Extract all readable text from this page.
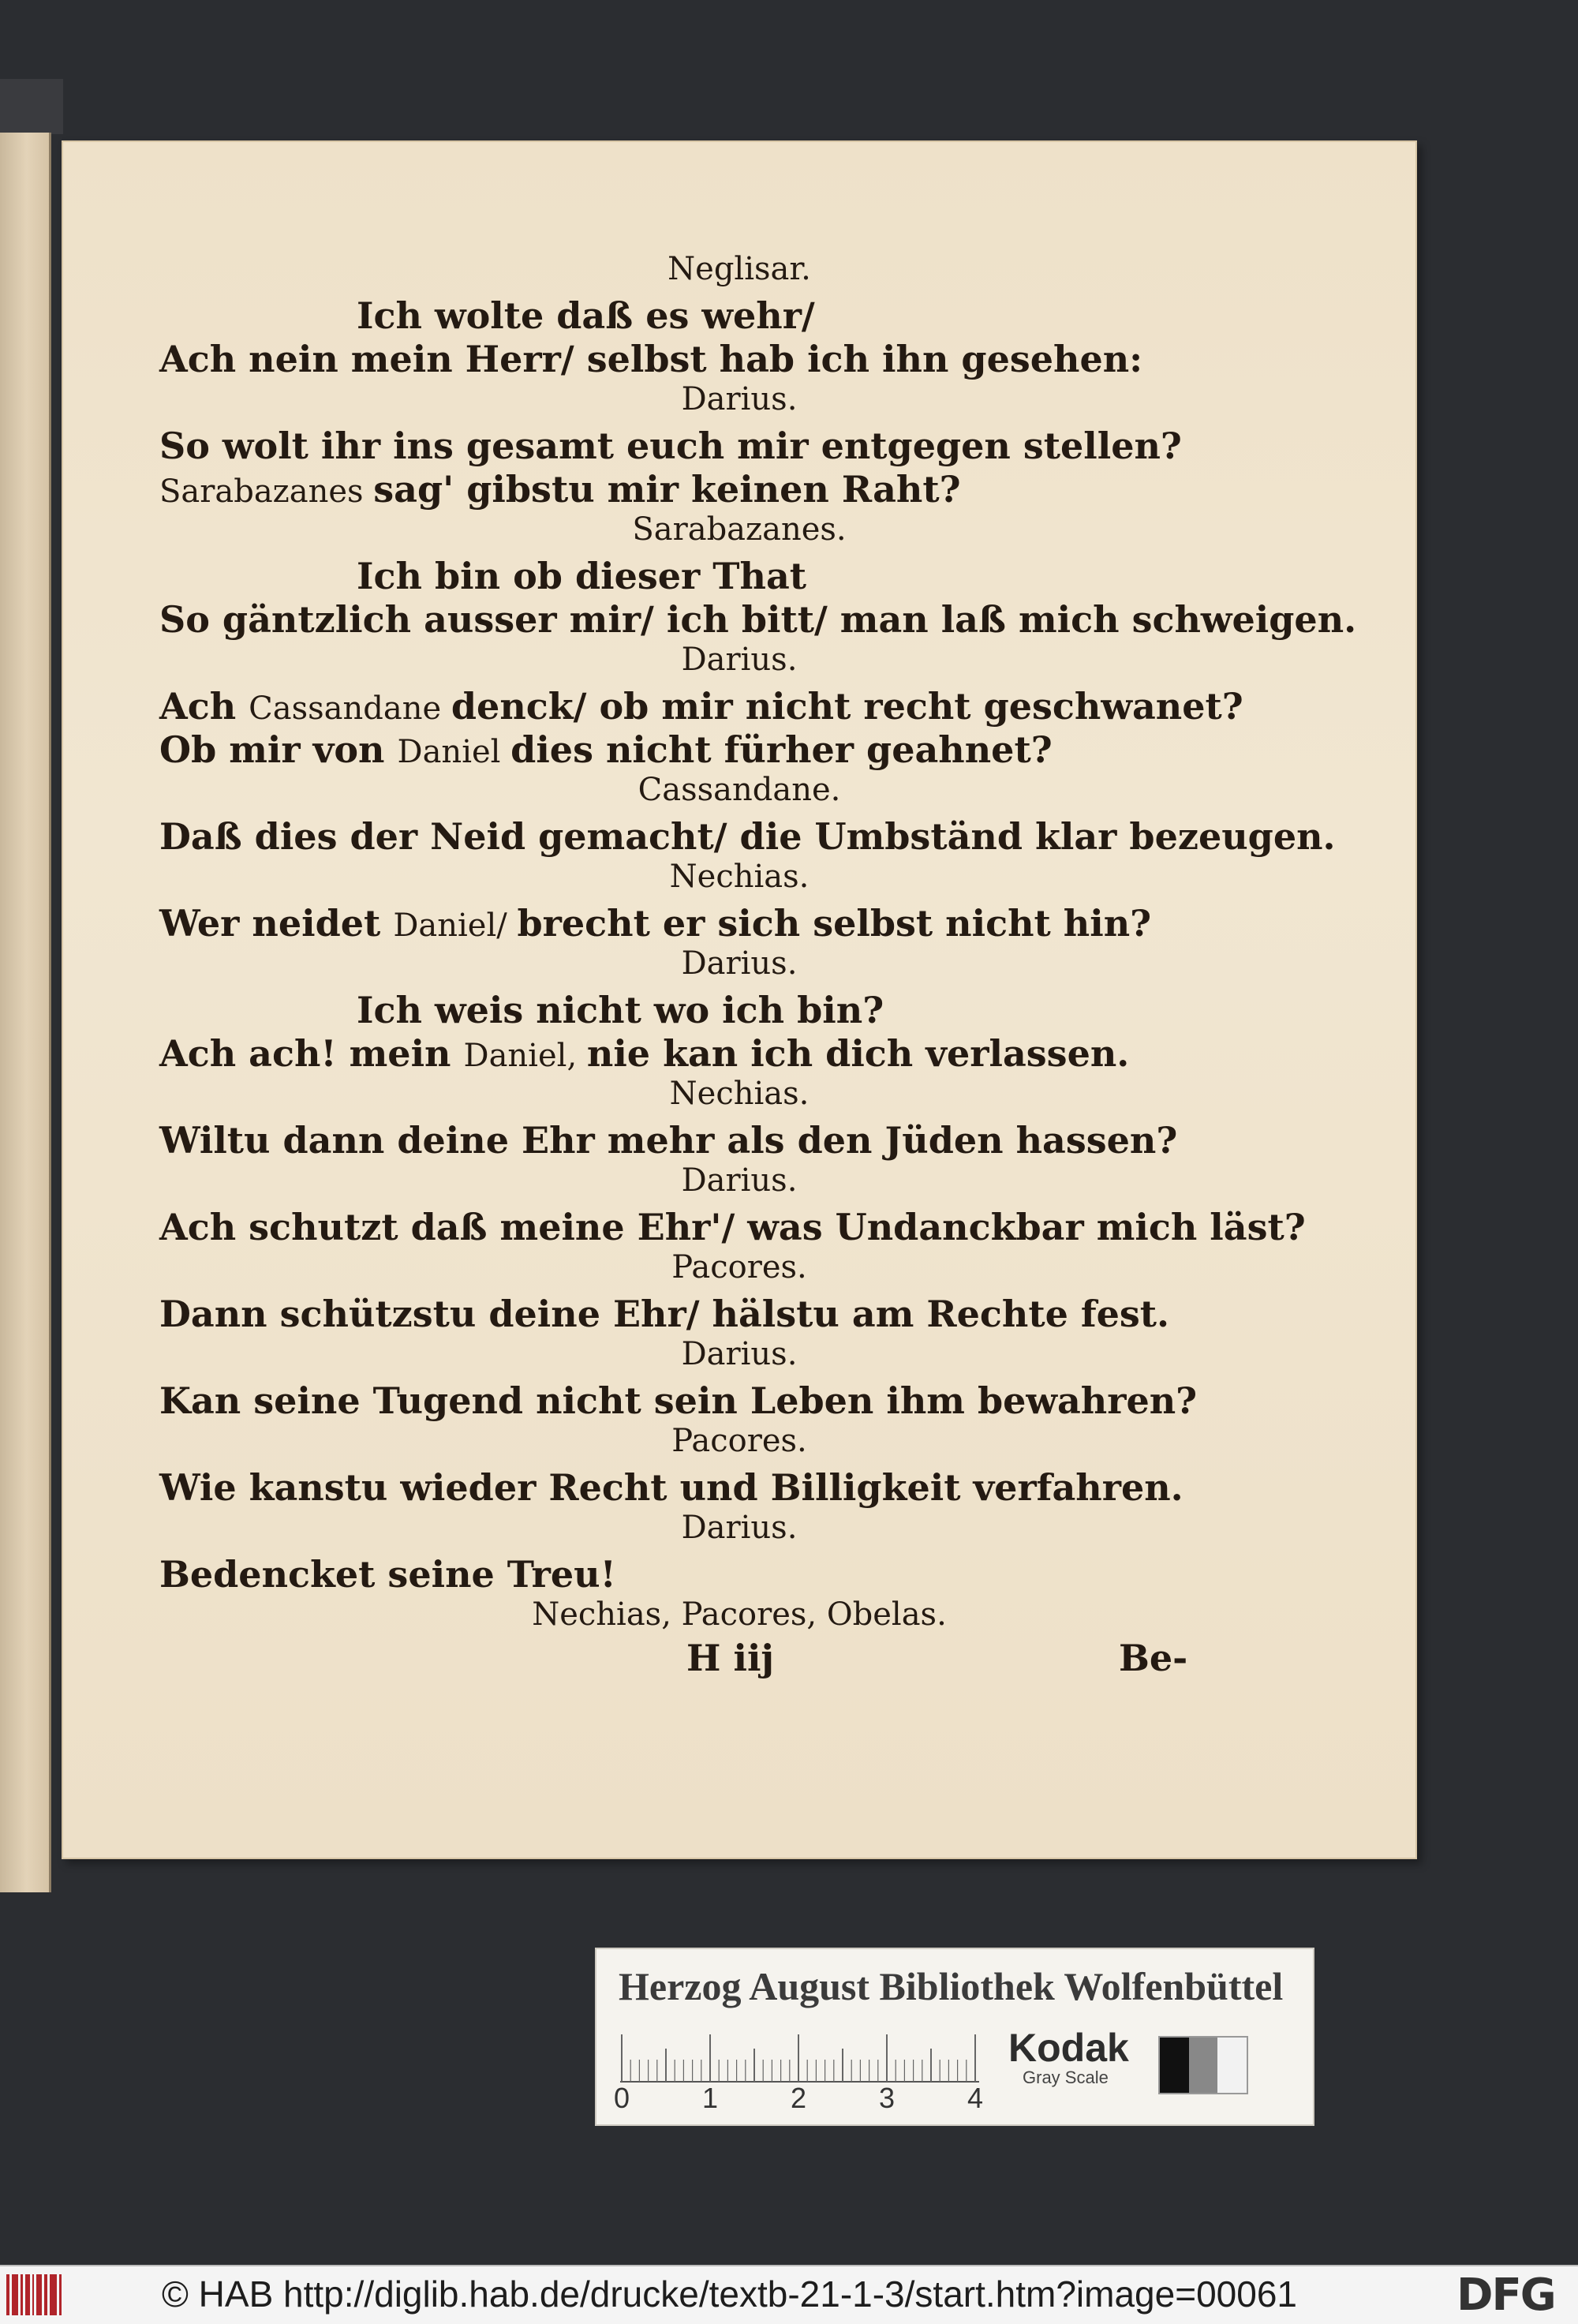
Neglisar.
Ich wolte daß es wehr/
Ach nein mein Herr/ selbst hab ich ihn gesehen:
Darius.
So wolt ihr ins gesamt euch mir entgegen stellen?
Sarabazanes sag' gibstu mir keinen Raht?
Sarabazanes.
Ich bin ob dieser That
So gäntzlich ausser mir/ ich bitt/ man laß mich schweigen.
Darius.
Ach Cassandane denck/ ob mir nicht recht geschwanet?
Ob mir von Daniel dies nicht fürher geahnet?
Cassandane.
Daß dies der Neid gemacht/ die Umbständ klar bezeugen.
Nechias.
Wer neidet Daniel/ brecht er sich selbst nicht hin?
Darius.
Ich weis nicht wo ich bin?
Ach ach! mein Daniel, nie kan ich dich verlassen.
Nechias.
Wiltu dann deine Ehr mehr als den Jüden hassen?
Darius.
Ach schutzt daß meine Ehr'/ was Undanckbar mich läst?
Pacores.
Dann schützstu deine Ehr/ hälstu am Rechte fest.
Darius.
Kan seine Tugend nicht sein Leben ihm bewahren?
Pacores.
Wie kanstu wieder Recht und Billigkeit verfahren.
Darius.
Bedencket seine Treu!
Nechias, Pacores, Obelas.
H iij	Be-
Herzog August Bibliothek Wolfenbüttel
0	1	2	3	4
Kodak
Gray Scale
© HAB http://diglib.hab.de/drucke/textb-21-1-3/start.htm?image=00061	DFG
